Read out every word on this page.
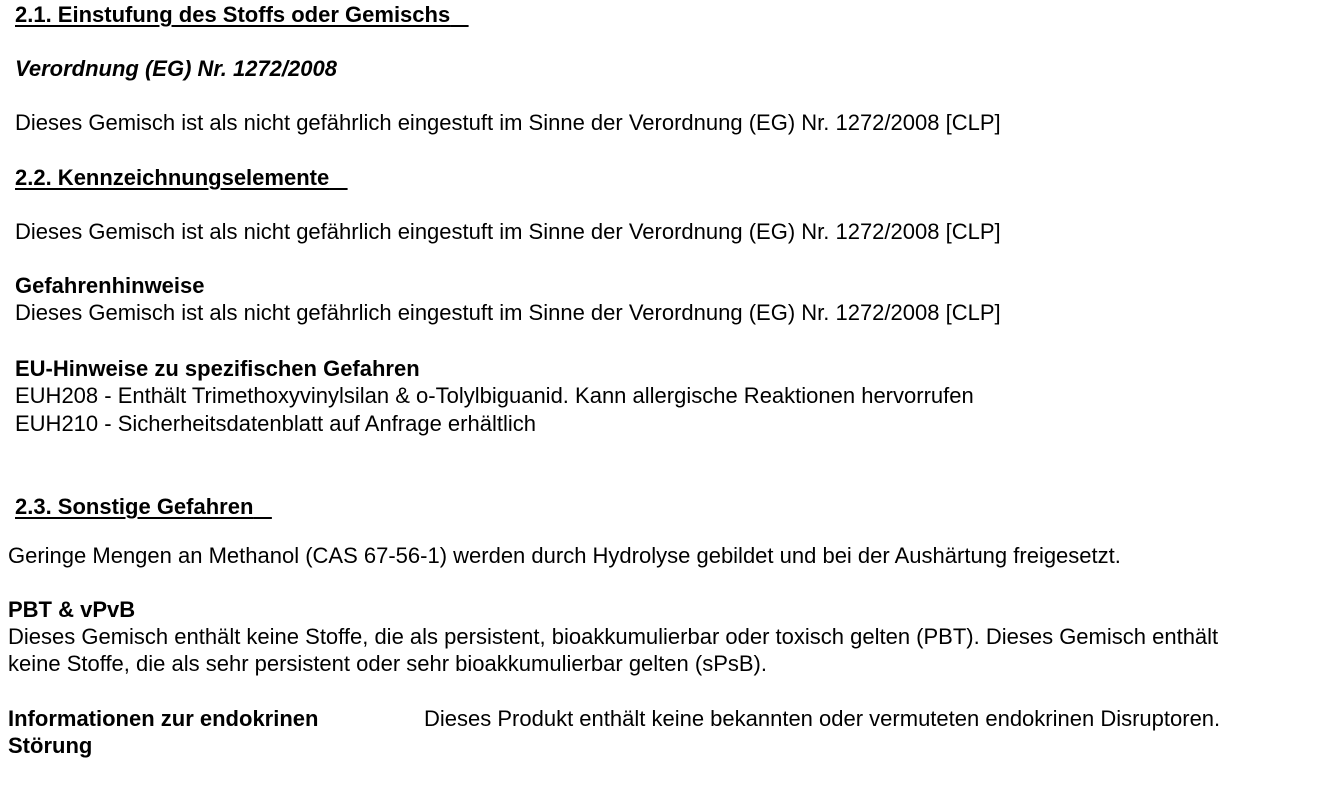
2.1. Einstufung des Stoffs oder Gemischs
Verordnung (EG) Nr. 1272/2008
Dieses Gemisch ist als nicht gefährlich eingestuft im Sinne der Verordnung (EG) Nr. 1272/2008 [CLP]
2.2. Kennzeichnungselemente
Dieses Gemisch ist als nicht gefährlich eingestuft im Sinne der Verordnung (EG) Nr. 1272/2008 [CLP]
Gefahrenhinweise
Dieses Gemisch ist als nicht gefährlich eingestuft im Sinne der Verordnung (EG) Nr. 1272/2008 [CLP]
EU-Hinweise zu spezifischen Gefahren
EUH208 - Enthält Trimethoxyvinylsilan & o-Tolylbiguanid. Kann allergische Reaktionen hervorrufen
EUH210 - Sicherheitsdatenblatt auf Anfrage erhältlich
2.3. Sonstige Gefahren
Geringe Mengen an Methanol (CAS 67-56-1) werden durch Hydrolyse gebildet und bei der Aushärtung freigesetzt.
PBT & vPvB
Dieses Gemisch enthält keine Stoffe, die als persistent, bioakkumulierbar oder toxisch gelten (PBT). Dieses Gemisch enthält
keine Stoffe, die als sehr persistent oder sehr bioakkumulierbar gelten (sPsB).
Informationen zur endokrinen
Störung
Dieses Produkt enthält keine bekannten oder vermuteten endokrinen Disruptoren.
